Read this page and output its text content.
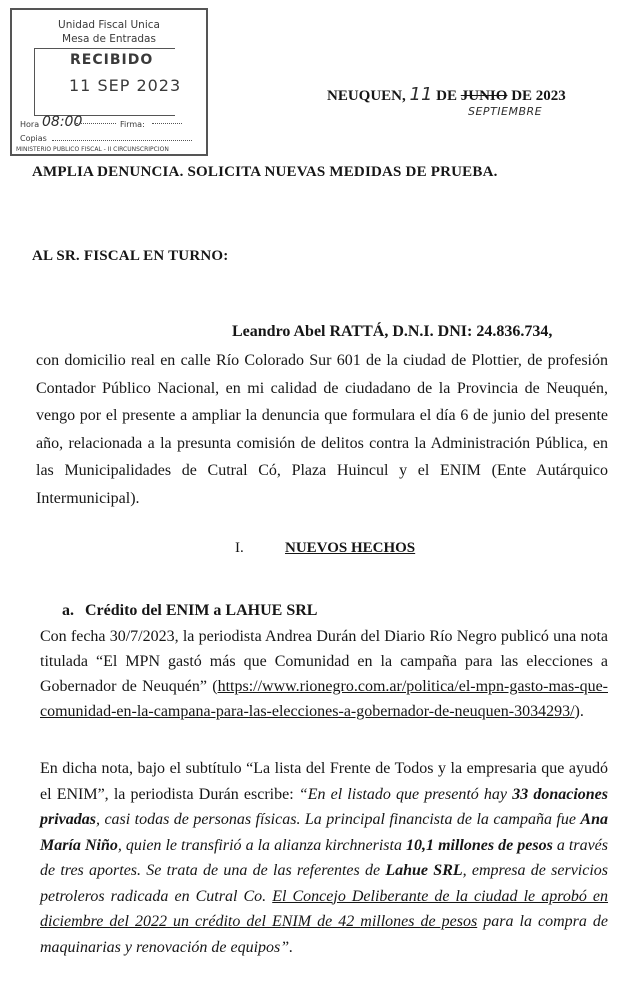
Unidad Fiscal Unica
Mesa de Entradas
RECIBIDO
11 SEP 2023
Hora 08:00	Firma:
Copias
MINISTERIO PUBLICO FISCAL - II CIRCUNSCRIPCION
NEUQUEN, 11 DE JUNIO DE 2023
SEPTIEMBRE
AMPLIA DENUNCIA. SOLICITA NUEVAS MEDIDAS DE PRUEBA.
AL SR. FISCAL EN TURNO:
Leandro Abel RATTÁ, D.N.I. DNI: 24.836.734,
con domicilio real en calle Río Colorado Sur 601 de la ciudad de Plottier, de profesión Contador Público Nacional, en mi calidad de ciudadano de la Provincia de Neuquén, vengo por el presente a ampliar la denuncia que formulara el día 6 de junio del presente año, relacionada a la presunta comisión de delitos contra la Administración Pública, en las Municipalidades de Cutral Có, Plaza Huincul y el ENIM (Ente Autárquico Intermunicipal).
I.	NUEVOS HECHOS
a. Crédito del ENIM a LAHUE SRL
Con fecha 30/7/2023, la periodista Andrea Durán del Diario Río Negro publicó una nota titulada “El MPN gastó más que Comunidad en la campaña para las elecciones a Gobernador de Neuquén” (https://www.rionegro.com.ar/politica/el-mpn-gasto-mas-que-comunidad-en-la-campana-para-las-elecciones-a-gobernador-de-neuquen-3034293/).
En dicha nota, bajo el subtítulo “La lista del Frente de Todos y la empresaria que ayudó el ENIM”, la periodista Durán escribe: “En el listado que presentó hay 33 donaciones privadas, casi todas de personas físicas. La principal financista de la campaña fue Ana María Niño, quien le transfirió a la alianza kirchnerista 10,1 millones de pesos a través de tres aportes. Se trata de una de las referentes de Lahue SRL, empresa de servicios petroleros radicada en Cutral Co. El Concejo Deliberante de la ciudad le aprobó en diciembre del 2022 un crédito del ENIM de 42 millones de pesos para la compra de maquinarias y renovación de equipos”.
